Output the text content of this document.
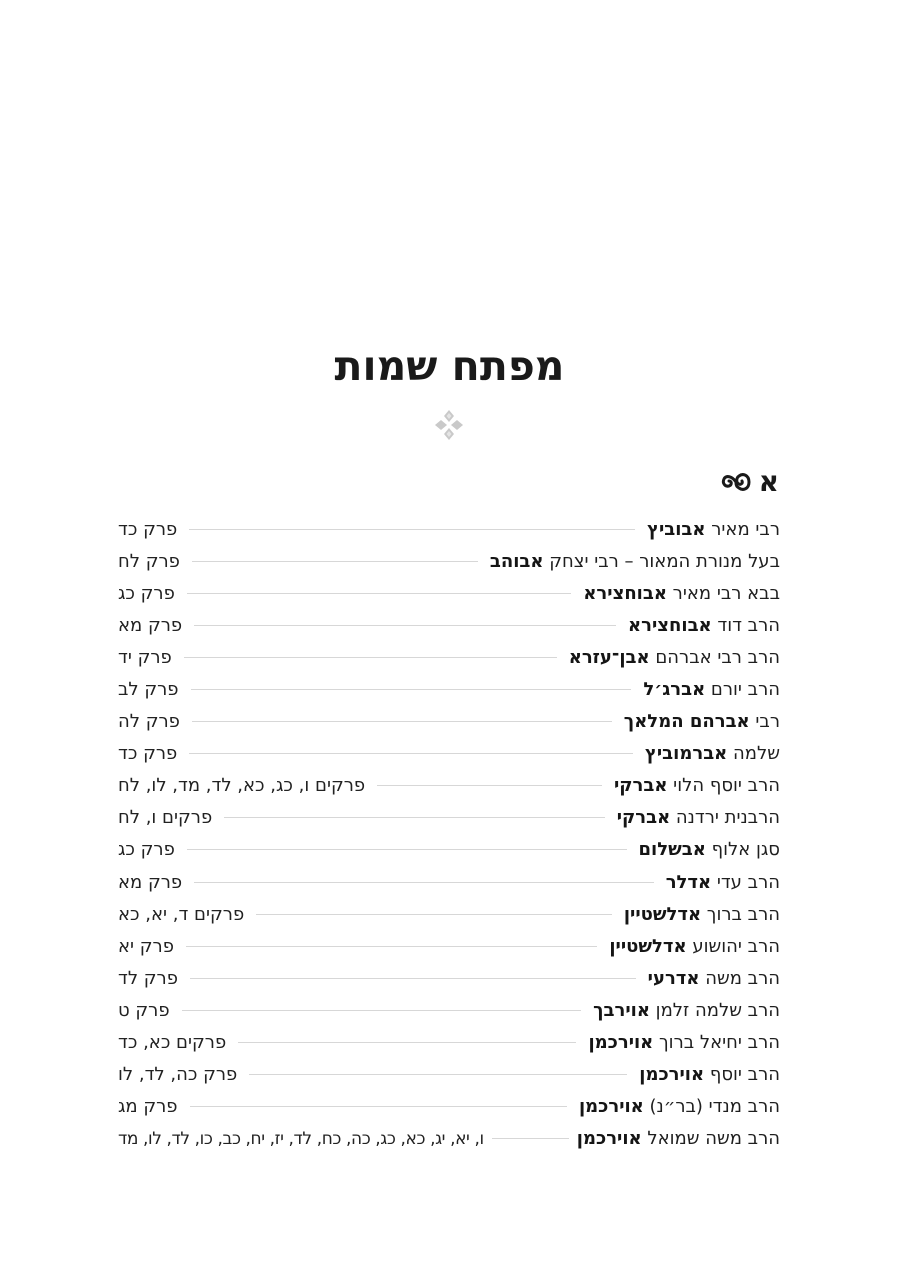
מפתח שמות
א
רבי מאיר אבוביץ
פרק כד
בעל מנורת המאור – רבי יצחק אבוהב
פרק לח
בבא רבי מאיר אבוחצירא
פרק כג
הרב דוד אבוחצירא
פרק מא
הרב רבי אברהם אבן־עזרא
פרק יד
הרב יורם אברג׳ל
פרק לב
רבי אברהם המלאך
פרק לה
שלמה אברמוביץ
פרק כד
הרב יוסף הלוי אברקי
פרקים ו, כג, כא, לד, מד, לו, לח
הרבנית ירדנה אברקי
פרקים ו, לח
סגן אלוף אבשלום
פרק כג
הרב עדי אדלר
פרק מא
הרב ברוך אדלשטיין
פרקים ד, יא, כא
הרב יהושוע אדלשטיין
פרק יא
הרב משה אדרעי
פרק לד
הרב שלמה זלמן אוירבך
פרק ט
הרב יחיאל ברוך אוירכמן
פרקים כא, כד
הרב יוסף אוירכמן
פרק כה, לד, לו
הרב מנדי (בר״נ) אוירכמן
פרק מג
הרב משה שמואל אוירכמן
ו, יא, יג, כא, כג, כה, כח, לד, יז, יח, כב, כו, לד, לו, מד
